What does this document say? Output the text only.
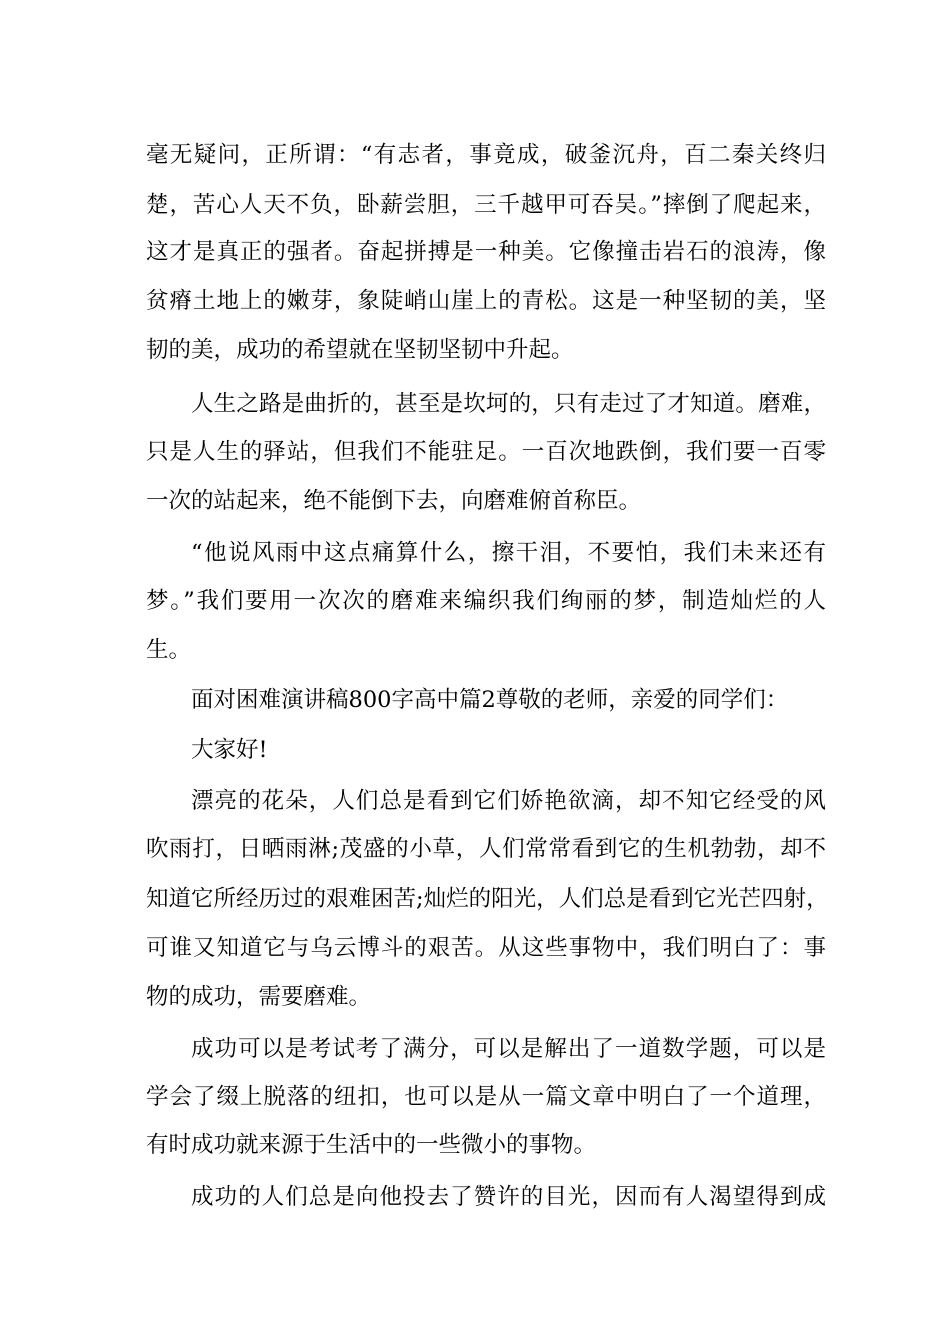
毫无疑问，正所谓：“有志者，事竟成，破釜沉舟，百二秦关终归
楚，苦心人天不负，卧薪尝胆，三千越甲可吞吴。”摔倒了爬起来，
这才是真正的强者。奋起拼搏是一种美。它像撞击岩石的浪涛，像
贫瘠土地上的嫩芽，象陡峭山崖上的青松。这是一种坚韧的美，坚
韧的美，成功的希望就在坚韧坚韧中升起。
人生之路是曲折的，甚至是坎坷的，只有走过了才知道。磨难，
只是人生的驿站，但我们不能驻足。一百次地跌倒，我们要一百零
一次的站起来，绝不能倒下去，向磨难俯首称臣。
“他说风雨中这点痛算什么，擦干泪，不要怕，我们未来还有
梦。”我们要用一次次的磨难来编织我们绚丽的梦，制造灿烂的人
生。
面对困难演讲稿800字高中篇2尊敬的老师，亲爱的同学们：
大家好!
漂亮的花朵，人们总是看到它们娇艳欲滴，却不知它经受的风
吹雨打，日晒雨淋;茂盛的小草，人们常常看到它的生机勃勃，却不
知道它所经历过的艰难困苦;灿烂的阳光，人们总是看到它光芒四射，
可谁又知道它与乌云博斗的艰苦。从这些事物中，我们明白了：事
物的成功，需要磨难。
成功可以是考试考了满分，可以是解出了一道数学题，可以是
学会了缀上脱落的纽扣，也可以是从一篇文章中明白了一个道理，
有时成功就来源于生活中的一些微小的事物。
成功的人们总是向他投去了赞许的目光，因而有人渴望得到成
